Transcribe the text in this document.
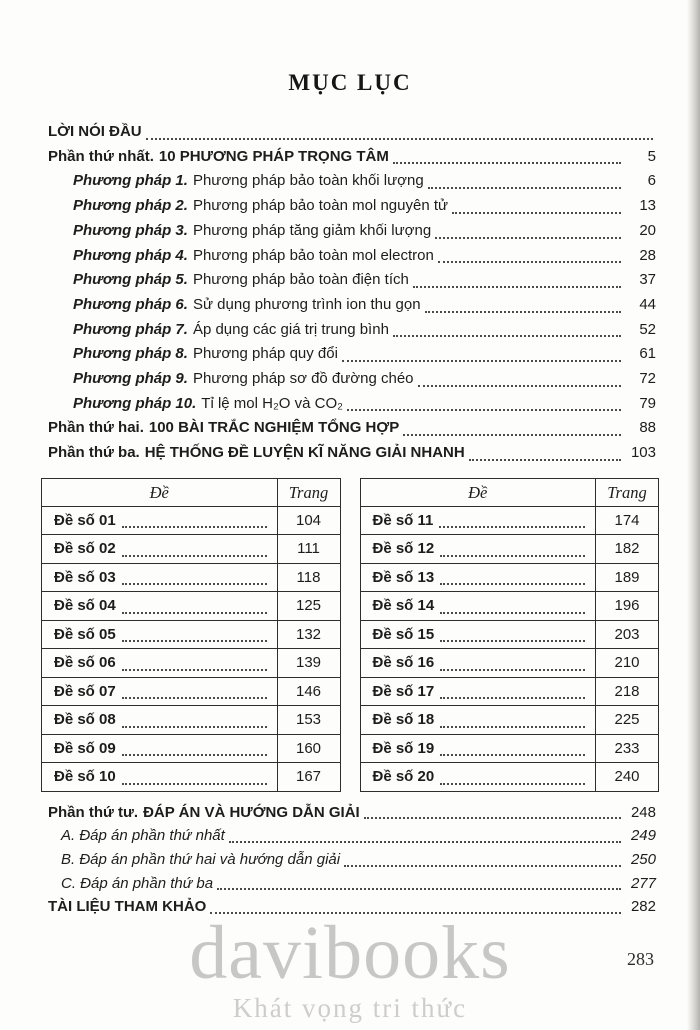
davibooks
Khát vọng tri thức
MỤC LỤC
LỜI NÓI ĐẦU
Phần thứ nhất. 10 PHƯƠNG PHÁP TRỌNG TÂM	5
Phương pháp 1. Phương pháp bảo toàn khối lượng	6
Phương pháp 2. Phương pháp bảo toàn mol nguyên tử	13
Phương pháp 3. Phương pháp tăng giảm khối lượng	20
Phương pháp 4. Phương pháp bảo toàn mol electron	28
Phương pháp 5. Phương pháp bảo toàn điện tích	37
Phương pháp 6. Sử dụng phương trình ion thu gọn	44
Phương pháp 7. Áp dụng các giá trị trung bình	52
Phương pháp 8. Phương pháp quy đổi	61
Phương pháp 9. Phương pháp sơ đồ đường chéo	72
Phương pháp 10. Tỉ lệ mol H₂O và CO₂	79
Phần thứ hai. 100 BÀI TRẮC NGHIỆM TỔNG HỢP	88
Phần thứ ba. HỆ THỐNG ĐỀ LUYỆN KĨ NĂNG GIẢI NHANH	103
Đề	Trang
Đề số 01	104
Đề số 02	111
Đề số 03	118
Đề số 04	125
Đề số 05	132
Đề số 06	139
Đề số 07	146
Đề số 08	153
Đề số 09	160
Đề số 10	167
Đề	Trang
Đề số 11	174
Đề số 12	182
Đề số 13	189
Đề số 14	196
Đề số 15	203
Đề số 16	210
Đề số 17	218
Đề số 18	225
Đề số 19	233
Đề số 20	240
Phần thứ tư. ĐÁP ÁN VÀ HƯỚNG DẪN GIẢI	248
A. Đáp án phần thứ nhất	249
B. Đáp án phần thứ hai và hướng dẫn giải	250
C. Đáp án phần thứ ba	277
TÀI LIỆU THAM KHẢO	282
283
